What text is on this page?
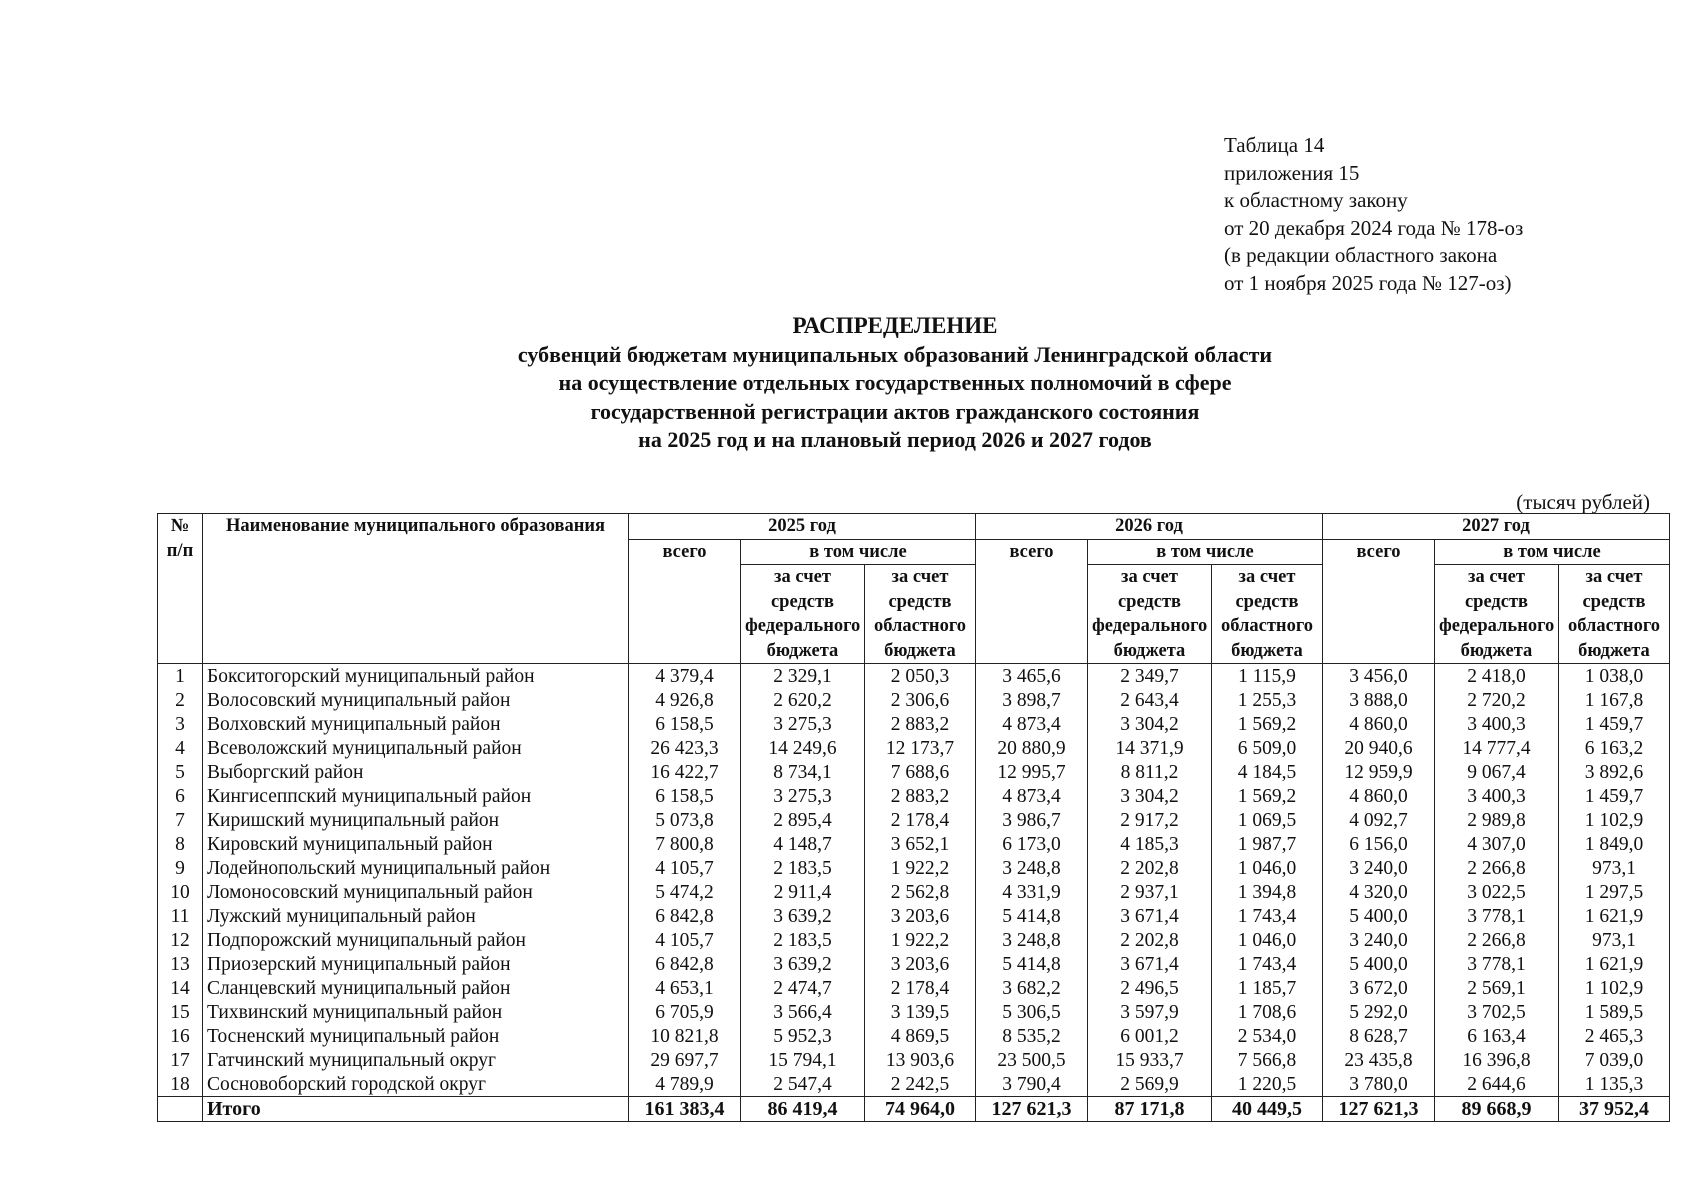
Таблица 14
приложения 15
к областному закону
от 20 декабря 2024 года № 178-оз
(в редакции областного закона
от 1 ноября 2025 года № 127-оз)
РАСПРЕДЕЛЕНИЕ
субвенций бюджетам муниципальных образований Ленинградской области
на осуществление отдельных государственных полномочий в сфере
государственной регистрации актов гражданского состояния
на 2025 год и на плановый период 2026 и 2027 годов
(тысяч рублей)
№ п/п	Наименование муниципального образования	2025 год			2026 год			2027 год		
		всего	в том числе		всего	в том числе		всего	в том числе	
			за счет средств федерального бюджета	за счет средств областного бюджета		за счет средств федерального бюджета	за счет средств областного бюджета		за счет средств федерального бюджета	за счет средств областного бюджета
1	Бокситогорский муниципальный район	4 379,4	2 329,1	2 050,3	3 465,6	2 349,7	1 115,9	3 456,0	2 418,0	1 038,0
2	Волосовский муниципальный район	4 926,8	2 620,2	2 306,6	3 898,7	2 643,4	1 255,3	3 888,0	2 720,2	1 167,8
3	Волховский муниципальный район	6 158,5	3 275,3	2 883,2	4 873,4	3 304,2	1 569,2	4 860,0	3 400,3	1 459,7
4	Всеволожский муниципальный район	26 423,3	14 249,6	12 173,7	20 880,9	14 371,9	6 509,0	20 940,6	14 777,4	6 163,2
5	Выборгский район	16 422,7	8 734,1	7 688,6	12 995,7	8 811,2	4 184,5	12 959,9	9 067,4	3 892,6
6	Кингисеппский муниципальный район	6 158,5	3 275,3	2 883,2	4 873,4	3 304,2	1 569,2	4 860,0	3 400,3	1 459,7
7	Киришский муниципальный район	5 073,8	2 895,4	2 178,4	3 986,7	2 917,2	1 069,5	4 092,7	2 989,8	1 102,9
8	Кировский муниципальный район	7 800,8	4 148,7	3 652,1	6 173,0	4 185,3	1 987,7	6 156,0	4 307,0	1 849,0
9	Лодейнопольский муниципальный район	4 105,7	2 183,5	1 922,2	3 248,8	2 202,8	1 046,0	3 240,0	2 266,8	973,1
10	Ломоносовский муниципальный район	5 474,2	2 911,4	2 562,8	4 331,9	2 937,1	1 394,8	4 320,0	3 022,5	1 297,5
11	Лужский муниципальный район	6 842,8	3 639,2	3 203,6	5 414,8	3 671,4	1 743,4	5 400,0	3 778,1	1 621,9
12	Подпорожский муниципальный район	4 105,7	2 183,5	1 922,2	3 248,8	2 202,8	1 046,0	3 240,0	2 266,8	973,1
13	Приозерский муниципальный район	6 842,8	3 639,2	3 203,6	5 414,8	3 671,4	1 743,4	5 400,0	3 778,1	1 621,9
14	Сланцевский муниципальный район	4 653,1	2 474,7	2 178,4	3 682,2	2 496,5	1 185,7	3 672,0	2 569,1	1 102,9
15	Тихвинский муниципальный район	6 705,9	3 566,4	3 139,5	5 306,5	3 597,9	1 708,6	5 292,0	3 702,5	1 589,5
16	Тосненский муниципальный район	10 821,8	5 952,3	4 869,5	8 535,2	6 001,2	2 534,0	8 628,7	6 163,4	2 465,3
17	Гатчинский муниципальный округ	29 697,7	15 794,1	13 903,6	23 500,5	15 933,7	7 566,8	23 435,8	16 396,8	7 039,0
18	Сосновоборский городской округ	4 789,9	2 547,4	2 242,5	3 790,4	2 569,9	1 220,5	3 780,0	2 644,6	1 135,3
	Итого	161 383,4	86 419,4	74 964,0	127 621,3	87 171,8	40 449,5	127 621,3	89 668,9	37 952,4
